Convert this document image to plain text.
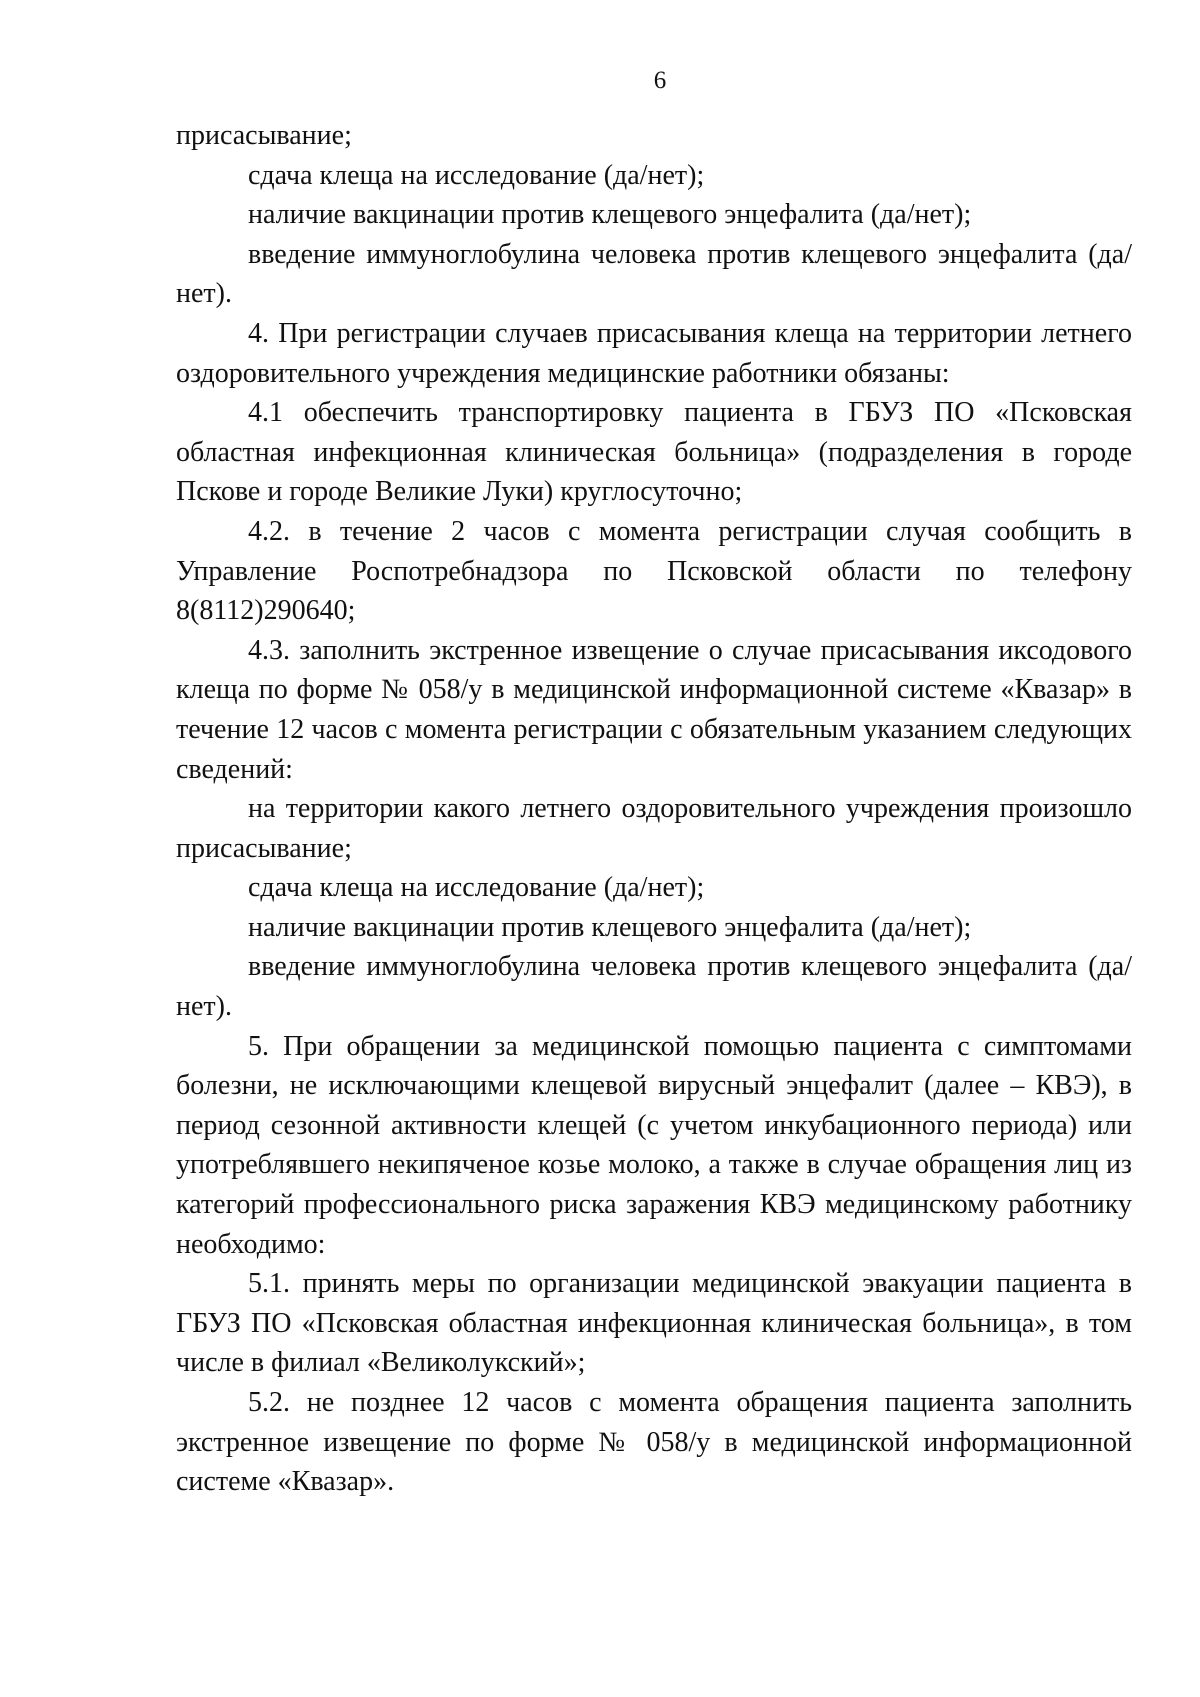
6

присасывание;

сдача клеща на исследование (да/нет);

наличие вакцинации против клещевого энцефалита (да/нет);

введение иммуноглобулина человека против клещевого энцефалита (да/нет).

4. При регистрации случаев присасывания клеща на территории летнего оздоровительного учреждения медицинские работники обязаны:

4.1 обеспечить транспортировку пациента в ГБУЗ ПО «Псковская областная инфекционная клиническая больница» (подразделения в городе Пскове и городе Великие Луки) круглосуточно;

4.2. в течение 2 часов с момента регистрации случая сообщить в Управление Роспотребнадзора по Псковской области по телефону 8(8112)290640;

4.3. заполнить экстренное извещение о случае присасывания иксодового клеща по форме № 058/у в медицинской информационной системе «Квазар» в течение 12 часов с момента регистрации с обязательным указанием следующих сведений:

на территории какого летнего оздоровительного учреждения произошло присасывание;

сдача клеща на исследование (да/нет);

наличие вакцинации против клещевого энцефалита (да/нет);

введение иммуноглобулина человека против клещевого энцефалита (да/нет).

5. При обращении за медицинской помощью пациента с симптомами болезни, не исключающими клещевой вирусный энцефалит (далее – КВЭ), в период сезонной активности клещей (с учетом инкубационного периода) или употреблявшего некипяченое козье молоко, а также в случае обращения лиц из категорий профессионального риска заражения КВЭ медицинскому работнику необходимо:

5.1. принять меры по организации медицинской эвакуации пациента в ГБУЗ ПО «Псковская областная инфекционная клиническая больница», в том числе в филиал «Великолукский»;

5.2. не позднее 12 часов с момента обращения пациента заполнить экстренное извещение по форме № 058/у в медицинской информационной системе «Квазар».
